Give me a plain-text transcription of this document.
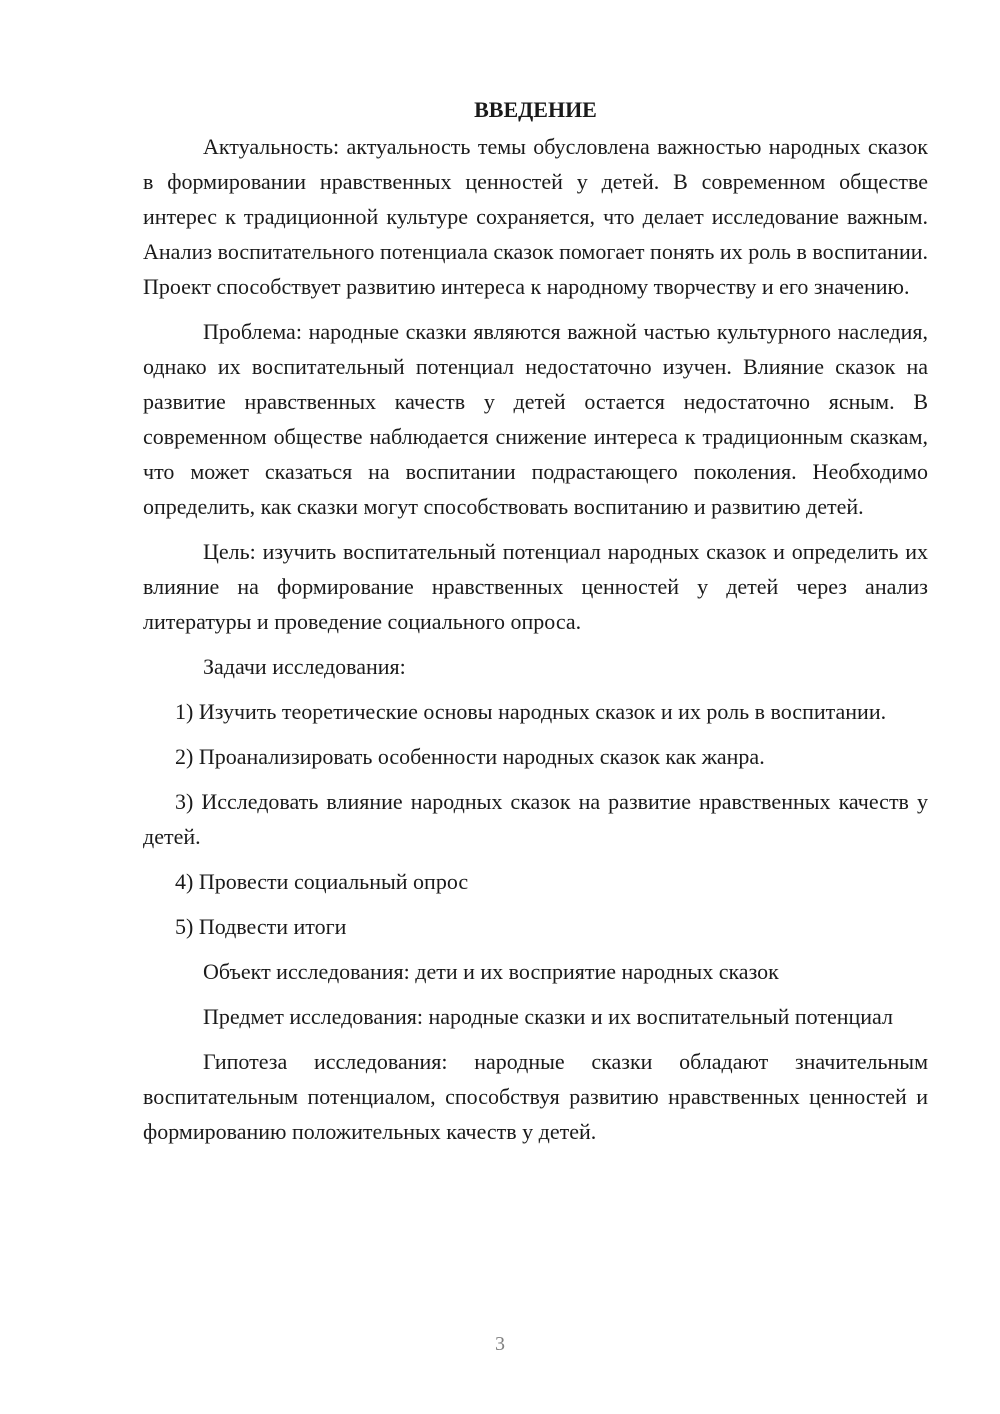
ВВЕДЕНИЕ

Актуальность: актуальность темы обусловлена важностью народных сказок в формировании нравственных ценностей у детей. В современном обществе интерес к традиционной культуре сохраняется, что делает исследование важным. Анализ воспитательного потенциала сказок помогает понять их роль в воспитании. Проект способствует развитию интереса к народному творчеству и его значению.

Проблема: народные сказки являются важной частью культурного наследия, однако их воспитательный потенциал недостаточно изучен. Влияние сказок на развитие нравственных качеств у детей остается недостаточно ясным. В современном обществе наблюдается снижение интереса к традиционным сказкам, что может сказаться на воспитании подрастающего поколения. Необходимо определить, как сказки могут способствовать воспитанию и развитию детей.

Цель: изучить воспитательный потенциал народных сказок и определить их влияние на формирование нравственных ценностей у детей через анализ литературы и проведение социального опроса.

Задачи исследования:

1) Изучить теоретические основы народных сказок и их роль в воспитании.

2) Проанализировать особенности народных сказок как жанра.

3) Исследовать влияние народных сказок на развитие нравственных качеств у детей.

4) Провести социальный опрос

5) Подвести итоги

Объект исследования: дети и их восприятие народных сказок

Предмет исследования: народные сказки и их воспитательный потенциал

Гипотеза исследования: народные сказки обладают значительным воспитательным потенциалом, способствуя развитию нравственных ценностей и формированию положительных качеств у детей.

3
